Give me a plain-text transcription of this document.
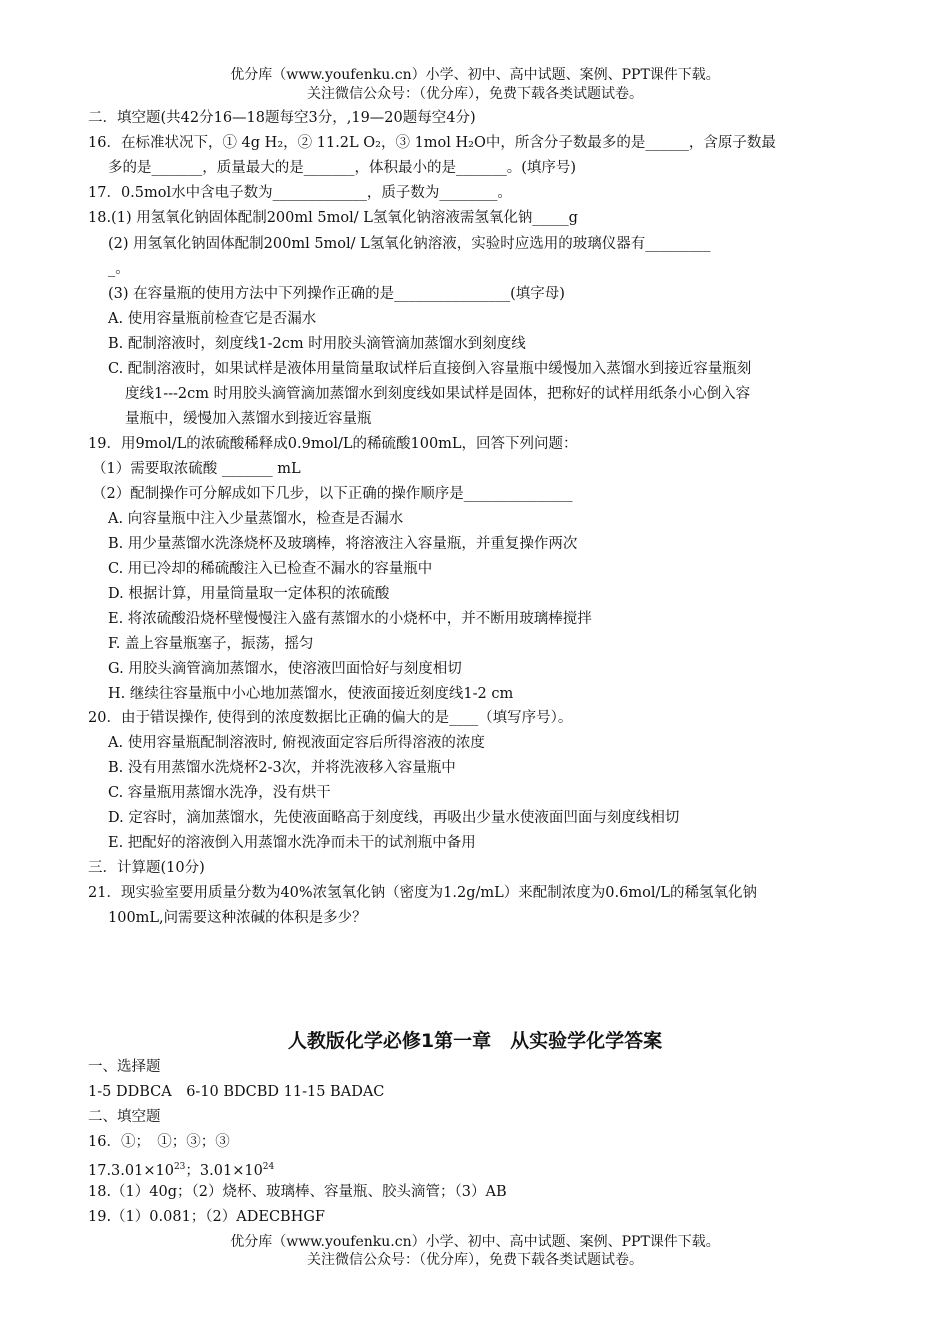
优分库（www.youfenku.cn）小学、初中、高中试题、案例、PPT课件下载。
关注微信公众号：（优分库），免费下载各类试题试卷。
二．填空题(共42分16—18题每空3分，,19—20题每空4分)
16．在标准状况下，① 4g H₂，② 11.2L O₂，③ 1mol H₂O中，所含分子数最多的是______，含原子数最
多的是_______，质量最大的是_______，体积最小的是_______。(填序号)
17．0.5mol水中含电子数为_____________，质子数为________。
18.(1) 用氢氧化钠固体配制200ml 5mol/ L氢氧化钠溶液需氢氧化钠_____g
(2) 用氢氧化钠固体配制200ml 5mol/ L氢氧化钠溶液，实验时应选用的玻璃仪器有_________
_。
(3) 在容量瓶的使用方法中下列操作正确的是________________(填字母)
A. 使用容量瓶前检查它是否漏水
B. 配制溶液时，刻度线1-2cm 时用胶头滴管滴加蒸馏水到刻度线
C. 配制溶液时，如果试样是液体用量筒量取试样后直接倒入容量瓶中缓慢加入蒸馏水到接近容量瓶刻
度线1---2cm 时用胶头滴管滴加蒸馏水到刻度线如果试样是固体，把称好的试样用纸条小心倒入容
量瓶中，缓慢加入蒸馏水到接近容量瓶
19．用9mol/L的浓硫酸稀释成0.9mol/L的稀硫酸100mL，回答下列问题：
（1）需要取浓硫酸 _______ mL
（2）配制操作可分解成如下几步，以下正确的操作顺序是_______________
A. 向容量瓶中注入少量蒸馏水，检查是否漏水
B. 用少量蒸馏水洗涤烧杯及玻璃棒，将溶液注入容量瓶，并重复操作两次
C. 用已冷却的稀硫酸注入已检查不漏水的容量瓶中
D. 根据计算，用量筒量取一定体积的浓硫酸
E. 将浓硫酸沿烧杯壁慢慢注入盛有蒸馏水的小烧杯中，并不断用玻璃棒搅拌
F. 盖上容量瓶塞子，振荡，摇匀
G. 用胶头滴管滴加蒸馏水，使溶液凹面恰好与刻度相切
H. 继续往容量瓶中小心地加蒸馏水，使液面接近刻度线1-2 cm
20．由于错误操作, 使得到的浓度数据比正确的偏大的是____（填写序号）。
A. 使用容量瓶配制溶液时, 俯视液面定容后所得溶液的浓度
B. 没有用蒸馏水洗烧杯2-3次，并将洗液移入容量瓶中
C. 容量瓶用蒸馏水洗净，没有烘干
D. 定容时，滴加蒸馏水，先使液面略高于刻度线，再吸出少量水使液面凹面与刻度线相切
E. 把配好的溶液倒入用蒸馏水洗净而未干的试剂瓶中备用
三．计算题(10分)
21．现实验室要用质量分数为40%浓氢氧化钠（密度为1.2g/mL）来配制浓度为0.6mol/L的稀氢氧化钠
100mL,问需要这种浓碱的体积是多少？
人教版化学必修1第一章　从实验学化学答案
一、选择题
1-5 DDBCA　6-10 BDCBD 11-15 BADAC
二、填空题
16．①；　①；③；③
$17.3.01\times 10^{23}$；$3.01\times 10^{24}$
18.（1）40g；（2）烧杯、玻璃棒、容量瓶、胶头滴管；（3）AB
19.（1）0.081；（2）ADECBHGF
优分库（www.youfenku.cn）小学、初中、高中试题、案例、PPT课件下载。
关注微信公众号：（优分库），免费下载各类试题试卷。
